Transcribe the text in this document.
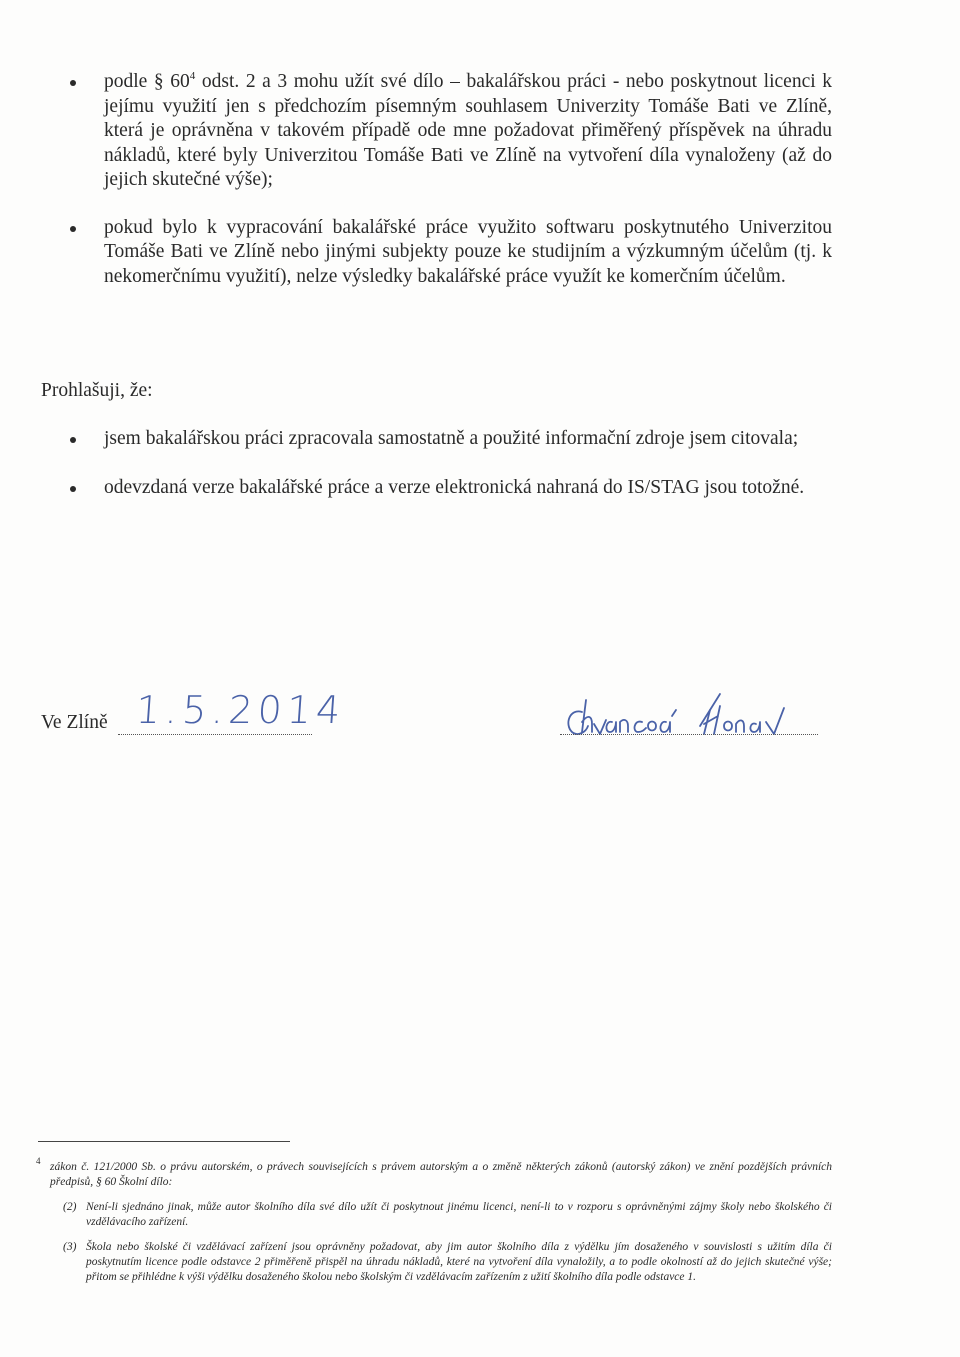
podle § $60^4$ odst. 2 a 3 mohu užít své dílo – bakalářskou práci - nebo poskytnout licenci k jejímu využití jen s předchozím písemným souhlasem Univerzity Tomáše Bati ve Zlíně, která je oprávněna v takovém případě ode mne požadovat přiměřený příspěvek na úhradu nákladů, které byly Univerzitou Tomáše Bati ve Zlíně na vytvoření díla vynaloženy (až do jejich skutečné výše);
pokud bylo k vypracování bakalářské práce využito softwaru poskytnutého Univerzitou Tomáše Bati ve Zlíně nebo jinými subjekty pouze ke studijním a výzkumným účelům (tj. k nekomerčnímu využití), nelze výsledky bakalářské práce využít ke komerčním účelům.
Prohlašuji, že:
jsem bakalářskou práci zpracovala samostatně a použité informační zdroje jsem citovala;
odevzdaná verze bakalářské práce a verze elektronická nahraná do IS/STAG jsou totožné.
Ve Zlíně 1.5.2014
4 zákon č. 121/2000 Sb. o právu autorském, o právech souvisejících s právem autorským a o změně některých zákonů (autorský zákon) ve znění pozdějších právních předpisů, § 60 Školní dílo:
(2) Není-li sjednáno jinak, může autor školního díla své dílo užít či poskytnout jinému licenci, není-li to v rozporu s oprávněnými zájmy školy nebo školského či vzdělávacího zařízení.
(3) Škola nebo školské či vzdělávací zařízení jsou oprávněny požadovat, aby jim autor školního díla z výdělku jím dosaženého v souvislosti s užitím díla či poskytnutím licence podle odstavce 2 přiměřeně přispěl na úhradu nákladů, které na vytvoření díla vynaložily, a to podle okolností až do jejich skutečné výše; přitom se přihlédne k výši výdělku dosaženého školou nebo školským či vzdělávacím zařízením z užití školního díla podle odstavce 1.
